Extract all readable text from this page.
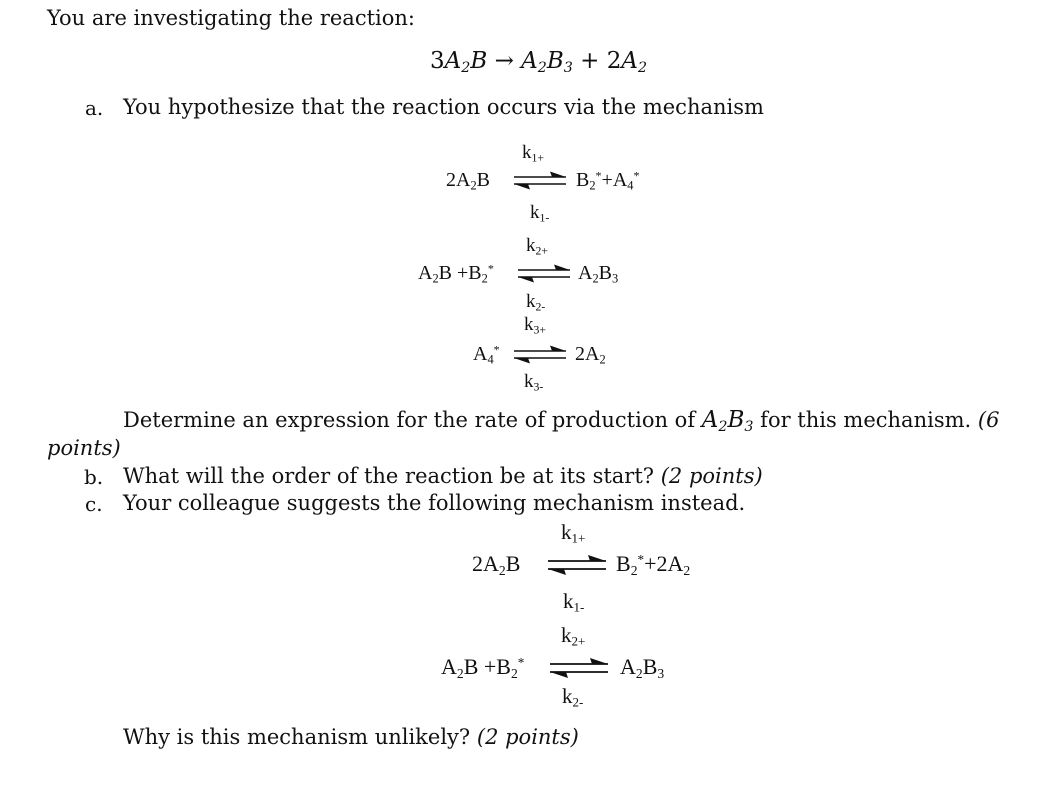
You are investigating the reaction:
$3A_2B \to A_2B_3 + 2A_2$
a. You hypothesize that the reaction occurs via the mechanism
$k_{1+}$
$2A_2B$	$B_2^*+A_4^*$
$k_{1-}$
$k_{2+}$
$A_2B +B_2^*$	$A_2B_3$
$k_{2-}$
$k_{3+}$
$A_4^*$	$2A_2$
$k_{3-}$
Determine an expression for the rate of production of $A_2B_3$ for this mechanism. (6
points)
b. What will the order of the reaction be at its start? (2 points)
c. Your colleague suggests the following mechanism instead.
$k_{1+}$
$2A_2B$	$B_2^*+2A_2$
$k_{1-}$
$k_{2+}$
$A_2B +B_2^*$	$A_2B_3$
$k_{2-}$
Why is this mechanism unlikely? (2 points)
